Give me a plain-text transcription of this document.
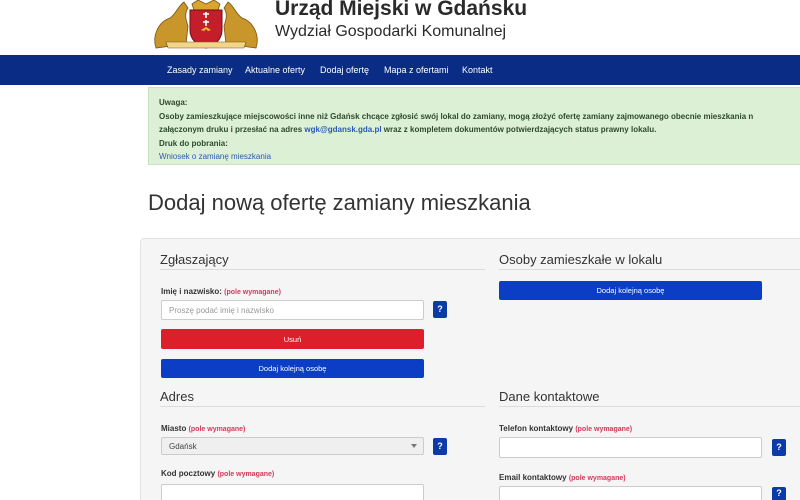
Urząd Miejski w Gdańsku
Wydział Gospodarki Komunalnej
Zasady zamiany Aktualne oferty Dodaj ofertę Mapa z ofertami Kontakt
Uwaga:
Osoby zamieszkujące miejscowości inne niż Gdańsk chcące zgłosić swój lokal do zamiany, mogą złożyć ofertę zamiany zajmowanego obecnie mieszkania n
załączonym druku i przesłać na adres wgk@gdansk.gda.pl wraz z kompletem dokumentów potwierdzających status prawny lokalu.
Druk do pobrania:
Wniosek o zamianę mieszkania
Dodaj nową ofertę zamiany mieszkania
Zgłaszający
Imię i nazwisko: (pole wymagane)
Proszę podać imię i nazwisko	?
Usuń
Dodaj kolejną osobę
Osoby zamieszkałe w lokalu
Dodaj kolejną osobę
Adres
Miasto (pole wymagane)
Gdańsk	?
Kod pocztowy (pole wymagane)
Dane kontaktowe
Telefon kontaktowy (pole wymagane)
?
Email kontaktowy (pole wymagane)
?
